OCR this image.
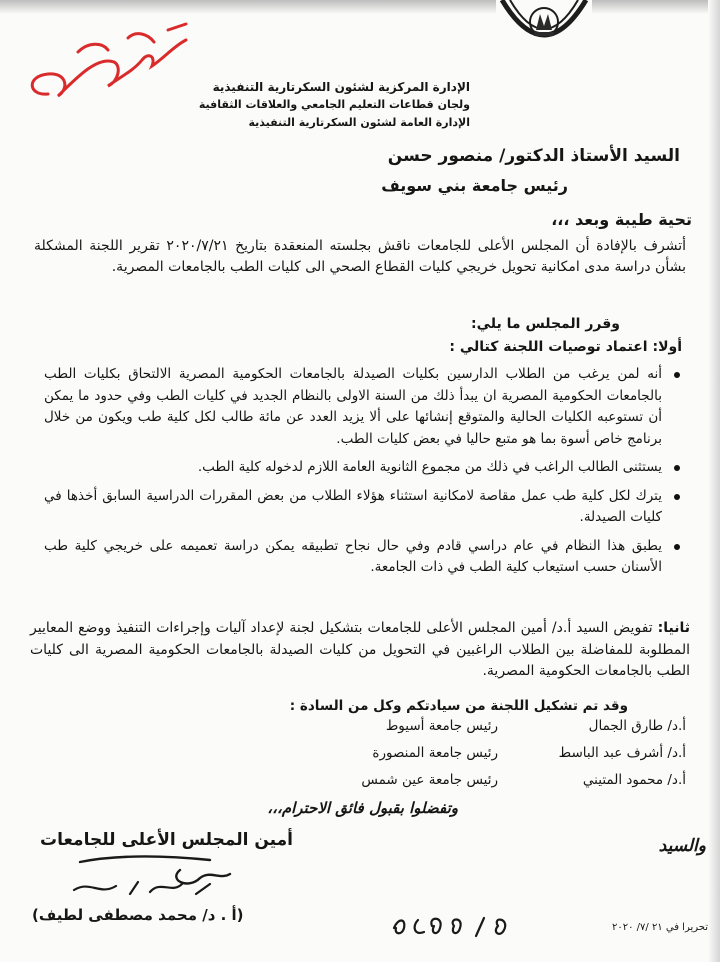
الإدارة المركزية لشئون السكرتارية التنفيذية
ولجان قطاعات التعليم الجامعي والعلاقات الثقافية
الإدارة العامة لشئون السكرتارية التنفيذية
السيد الأستاذ الدكتور/ منصور حسن
رئيس جامعة بني سويف
تحية طيبة وبعد ،،،
أتشرف بالإفادة أن المجلس الأعلى للجامعات ناقش بجلسته المنعقدة بتاريخ ٢٠٢٠/٧/٢١ تقرير اللجنة المشكلة بشأن دراسة مدى امكانية تحويل خريجي كليات القطاع الصحي الى كليات الطب بالجامعات المصرية.
وقرر المجلس ما يلي:
أولا: اعتماد توصيات اللجنة كتالي :
أنه لمن يرغب من الطلاب الدارسين بكليات الصيدلة بالجامعات الحكومية المصرية الالتحاق بكليات الطب بالجامعات الحكومية المصرية ان يبدأ ذلك من السنة الاولى بالنظام الجديد في كليات الطب وفي حدود ما يمكن أن تستوعبه الكليات الحالية والمتوقع إنشائها على ألا يزيد العدد عن مائة طالب لكل كلية طب ويكون من خلال برنامج خاص أسوة بما هو متبع حاليا في بعض كليات الطب.
يستثنى الطالب الراغب في ذلك من مجموع الثانوية العامة اللازم لدخوله كلية الطب.
يترك لكل كلية طب عمل مقاصة لامكانية استثناء هؤلاء الطلاب من بعض المقررات الدراسية السابق أخذها في كليات الصيدلة.
يطبق هذا النظام في عام دراسي قادم وفي حال نجاح تطبيقه يمكن دراسة تعميمه على خريجي كلية طب الأسنان حسب استيعاب كلية الطب في ذات الجامعة.
ثانيا: تفويض السيد أ.د/ أمين المجلس الأعلى للجامعات بتشكيل لجنة لإعداد آليات وإجراءات التنفيذ ووضع المعايير المطلوبة للمفاضلة بين الطلاب الراغبين في التحويل من كليات الصيدلة بالجامعات الحكومية المصرية الى كليات الطب بالجامعات الحكومية المصرية.
وقد تم تشكيل اللجنة من سيادتكم وكل من السادة :
أ.د/ طارق الجمال
رئيس جامعة أسيوط
أ.د/ أشرف عبد الباسط
رئيس جامعة المنصورة
أ.د/ محمود المتيني
رئيس جامعة عين شمس
وتفضلوا بقبول فائق الاحترام،،،
أمين المجلس الأعلى للجامعات
(أ . د/ محمد مصطفى لطيف)
والسيد
تحريرا في ٢١ /٧/ ٢٠٢٠
